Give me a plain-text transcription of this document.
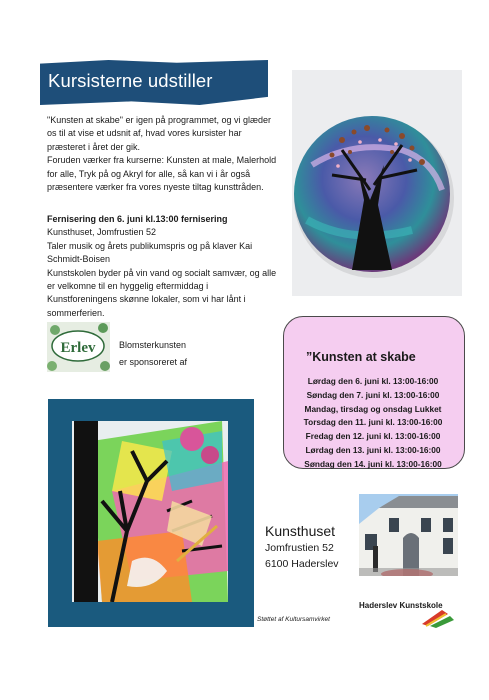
Kursisterne udstiller

"Kunsten at skabe" er igen på programmet, og vi glæder os til at vise et udsnit af, hvad vores kursister har præsteret i året der gik.

Foruden værker fra kurserne: Kunsten at male, Malerhold for alle, Tryk på og Akryl for alle, så kan vi i år også præsentere værker fra vores nyeste tiltag kunsttråden.

Fernisering den 6. juni kl.13:00 fernisering

Kunsthuset, Jomfrustien 52

Taler musik og årets publikumspris og på klaver Kai Schmidt-Boisen

Kunstskolen byder på vin vand og socialt samvær, og alle er velkomne til en hyggelig eftermiddag i Kunstforeningens skønne lokaler, som vi har lånt i sommerferien.

Erlev	Blomsterkunsten
er sponsoreret af	”Kunsten at skabe
Lørdag den 6. juni kl. 13:00-16:00
Søndag den 7. juni kl. 13:00-16:00
Mandag, tirsdag og onsdag Lukket
Torsdag den 11. juni kl. 13:00-16:00
Fredag den 12. juni kl. 13:00-16:00
Lørdag den 13. juni kl. 13:00-16:00
Søndag den 14. juni kl. 13:00-16:00
Kunsthuset
Jomfrustien 52
6100 Haderslev
Haderslev Kunstskole
Støttet af Kultursamvirket
